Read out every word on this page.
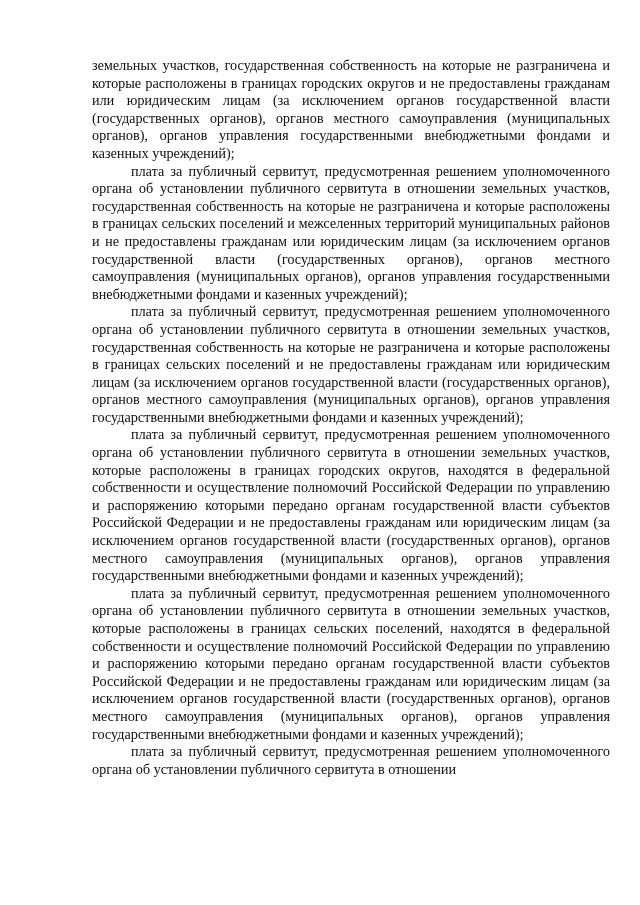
земельных участков, государственная собственность на которые не разграничена и которые расположены в границах городских округов и не предоставлены гражданам или юридическим лицам (за исключением органов государственной власти (государственных органов), органов местного самоуправления (муниципальных органов), органов управления государственными внебюджетными фондами и казенных учреждений);

плата за публичный сервитут, предусмотренная решением уполномоченного органа об установлении публичного сервитута в отношении земельных участков, государственная собственность на которые не разграничена и которые расположены в границах сельских поселений и межселенных территорий муниципальных районов и не предоставлены гражданам или юридическим лицам (за исключением органов государственной власти (государственных органов), органов местного самоуправления (муниципальных органов), органов управления государственными внебюджетными фондами и казенных учреждений);

плата за публичный сервитут, предусмотренная решением уполномоченного органа об установлении публичного сервитута в отношении земельных участков, государственная собственность на которые не разграничена и которые расположены в границах сельских поселений и не предоставлены гражданам или юридическим лицам (за исключением органов государственной власти (государственных органов), органов местного самоуправления (муниципальных органов), органов управления государственными внебюджетными фондами и казенных учреждений);

плата за публичный сервитут, предусмотренная решением уполномоченного органа об установлении публичного сервитута в отношении земельных участков, которые расположены в границах городских округов, находятся в федеральной собственности и осуществление полномочий Российской Федерации по управлению и распоряжению которыми передано органам государственной власти субъектов Российской Федерации и не предоставлены гражданам или юридическим лицам (за исключением органов государственной власти (государственных органов), органов местного самоуправления (муниципальных органов), органов управления государственными внебюджетными фондами и казенных учреждений);

плата за публичный сервитут, предусмотренная решением уполномоченного органа об установлении публичного сервитута в отношении земельных участков, которые расположены в границах сельских поселений, находятся в федеральной собственности и осуществление полномочий Российской Федерации по управлению и распоряжению которыми передано органам государственной власти субъектов Российской Федерации и не предоставлены гражданам или юридическим лицам (за исключением органов государственной власти (государственных органов), органов местного самоуправления (муниципальных органов), органов управления государственными внебюджетными фондами и казенных учреждений);

плата за публичный сервитут, предусмотренная решением уполномоченного органа об установлении публичного сервитута в отношении
